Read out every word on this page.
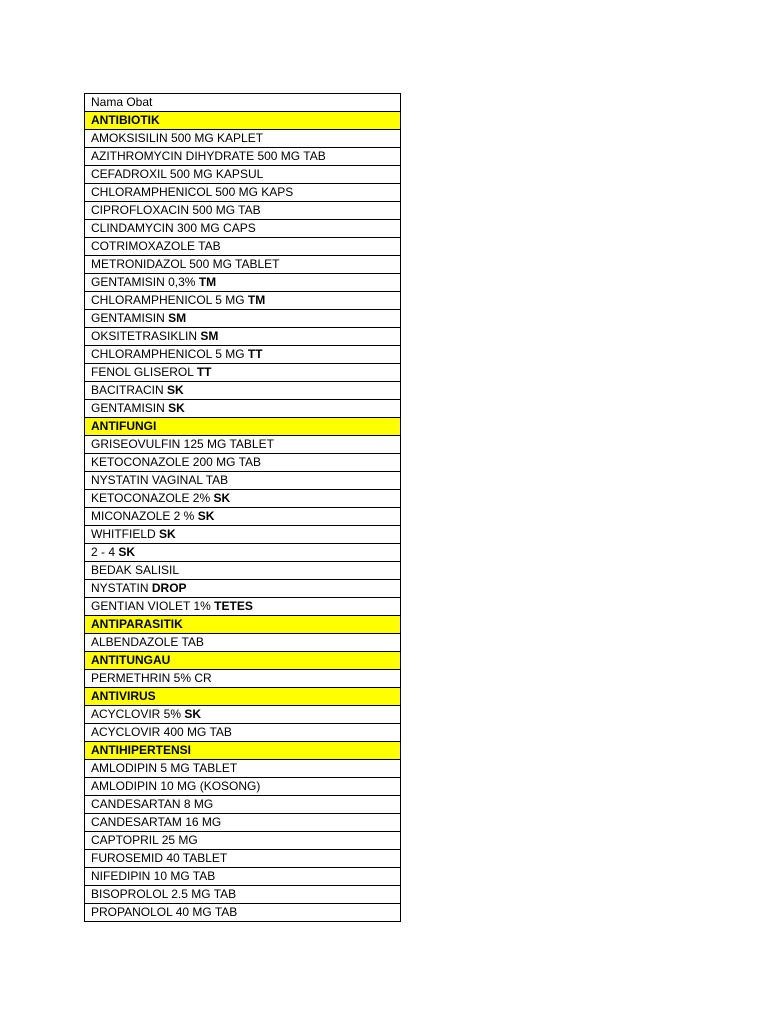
Nama Obat
ANTIBIOTIK
AMOKSISILIN 500 MG KAPLET
AZITHROMYCIN DIHYDRATE 500 MG TAB
CEFADROXIL 500 MG KAPSUL
CHLORAMPHENICOL 500 MG KAPS
CIPROFLOXACIN 500 MG TAB
CLINDAMYCIN 300 MG CAPS
COTRIMOXAZOLE TAB
METRONIDAZOL 500 MG TABLET
GENTAMISIN 0,3% TM
CHLORAMPHENICOL 5 MG TM
GENTAMISIN SM
OKSITETRASIKLIN SM
CHLORAMPHENICOL 5 MG TT
FENOL GLISEROL TT
BACITRACIN SK
GENTAMISIN SK
ANTIFUNGI
GRISEOVULFIN 125 MG TABLET
KETOCONAZOLE 200 MG TAB
NYSTATIN VAGINAL TAB
KETOCONAZOLE 2% SK
MICONAZOLE 2 % SK
WHITFIELD SK
2 - 4 SK
BEDAK SALISIL
NYSTATIN DROP
GENTIAN VIOLET 1% TETES
ANTIPARASITIK
ALBENDAZOLE TAB
ANTITUNGAU
PERMETHRIN 5% CR
ANTIVIRUS
ACYCLOVIR 5% SK
ACYCLOVIR 400 MG TAB
ANTIHIPERTENSI
AMLODIPIN 5 MG TABLET
AMLODIPIN 10 MG (KOSONG)
CANDESARTAN 8 MG
CANDESARTAM 16 MG
CAPTOPRIL 25 MG
FUROSEMID 40 TABLET
NIFEDIPIN 10 MG TAB
BISOPROLOL 2.5 MG TAB
PROPANOLOL 40 MG TAB
